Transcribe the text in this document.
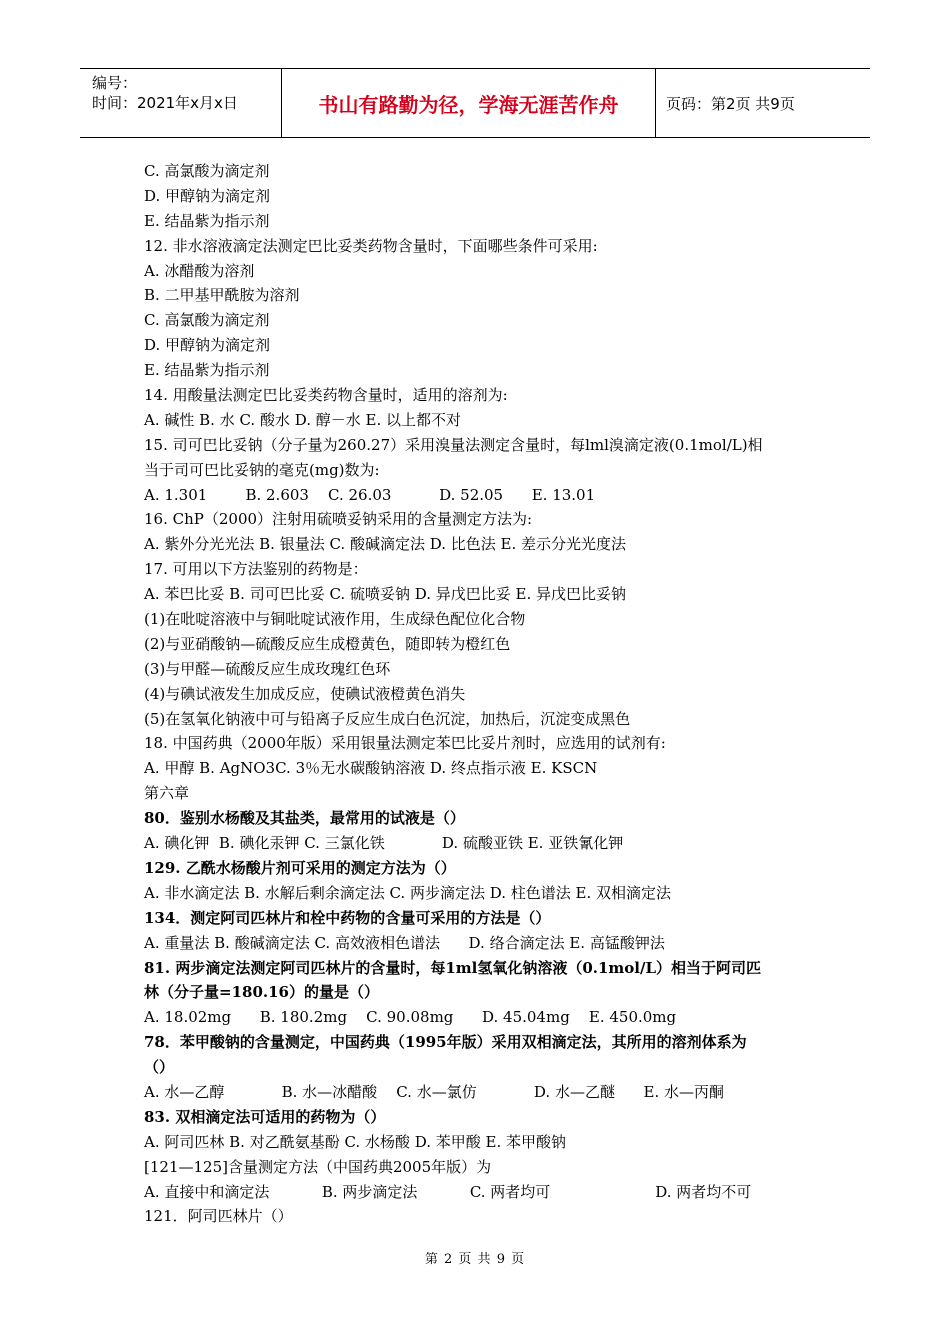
编号：
时间：2021年x月x日	书山有路勤为径，学海无涯苦作舟	页码：第2页 共9页
C. 高氯酸为滴定剂
D. 甲醇钠为滴定剂
E. 结晶紫为指示剂
12. 非水溶液滴定法测定巴比妥类药物含量时，下面哪些条件可采用:
A. 冰醋酸为溶剂
B. 二甲基甲酰胺为溶剂
C. 高氯酸为滴定剂
D. 甲醇钠为滴定剂
E. 结晶紫为指示剂
14. 用酸量法测定巴比妥类药物含量时，适用的溶剂为:
A. 碱性 B. 水 C. 酸水 D. 醇－水 E. 以上都不对
15. 司可巴比妥钠（分子量为260.27）采用溴量法测定含量时，每lml溴滴定液(0.1mol/L)相
当于司可巴比妥钠的毫克(mg)数为:
A. 1.301        B. 2.603    C. 26.03          D. 52.05      E. 13.01
16. ChP（2000）注射用硫喷妥钠采用的含量测定方法为:
A. 紫外分光光法 B. 银量法 C. 酸碱滴定法 D. 比色法 E. 差示分光光度法
17. 可用以下方法鉴别的药物是：
A. 苯巴比妥 B. 司可巴比妥 C. 硫喷妥钠 D. 异戊巴比妥 E. 异戊巴比妥钠
(1)在吡啶溶液中与铜吡啶试液作用，生成绿色配位化合物
(2)与亚硝酸钠—硫酸反应生成橙黄色，随即转为橙红色
(3)与甲醛—硫酸反应生成玫瑰红色环
(4)与碘试液发生加成反应，使碘试液橙黄色消失
(5)在氢氧化钠液中可与铅离子反应生成白色沉淀，加热后，沉淀变成黑色
18. 中国药典（2000年版）采用银量法测定苯巴比妥片剂时，应选用的试剂有:
A. 甲醇 B. AgNO3C. 3％无水碳酸钠溶液 D. 终点指示液 E. KSCN
第六章
80．鉴别水杨酸及其盐类，最常用的试液是（）
A. 碘化钾  B. 碘化汞钾 C. 三氯化铁            D. 硫酸亚铁 E. 亚铁氰化钾
129. 乙酰水杨酸片剂可采用的测定方法为（）
A. 非水滴定法 B. 水解后剩余滴定法 C. 两步滴定法 D. 柱色谱法 E. 双相滴定法
134．测定阿司匹林片和栓中药物的含量可采用的方法是（）
A. 重量法 B. 酸碱滴定法 C. 高效液相色谱法      D. 络合滴定法 E. 高锰酸钾法
81. 两步滴定法测定阿司匹林片的含量时，每1ml氢氧化钠溶液（0.1mol/L）相当于阿司匹
林（分子量=180.16）的量是（）
A. 18.02mg      B. 180.2mg    C. 90.08mg      D. 45.04mg    E. 450.0mg
78．苯甲酸钠的含量测定，中国药典（1995年版）采用双相滴定法，其所用的溶剂体系为
（）
A. 水—乙醇            B. 水—冰醋酸    C. 水—氯仿            D. 水—乙醚      E. 水—丙酮
83. 双相滴定法可适用的药物为（）
A. 阿司匹林 B. 对乙酰氨基酚 C. 水杨酸 D. 苯甲酸 E. 苯甲酸钠
[121—125]含量测定方法（中国药典2005年版）为
A. 直接中和滴定法           B. 两步滴定法           C. 两者均可                      D. 两者均不可
121．阿司匹林片（）
第 2 页 共 9 页
